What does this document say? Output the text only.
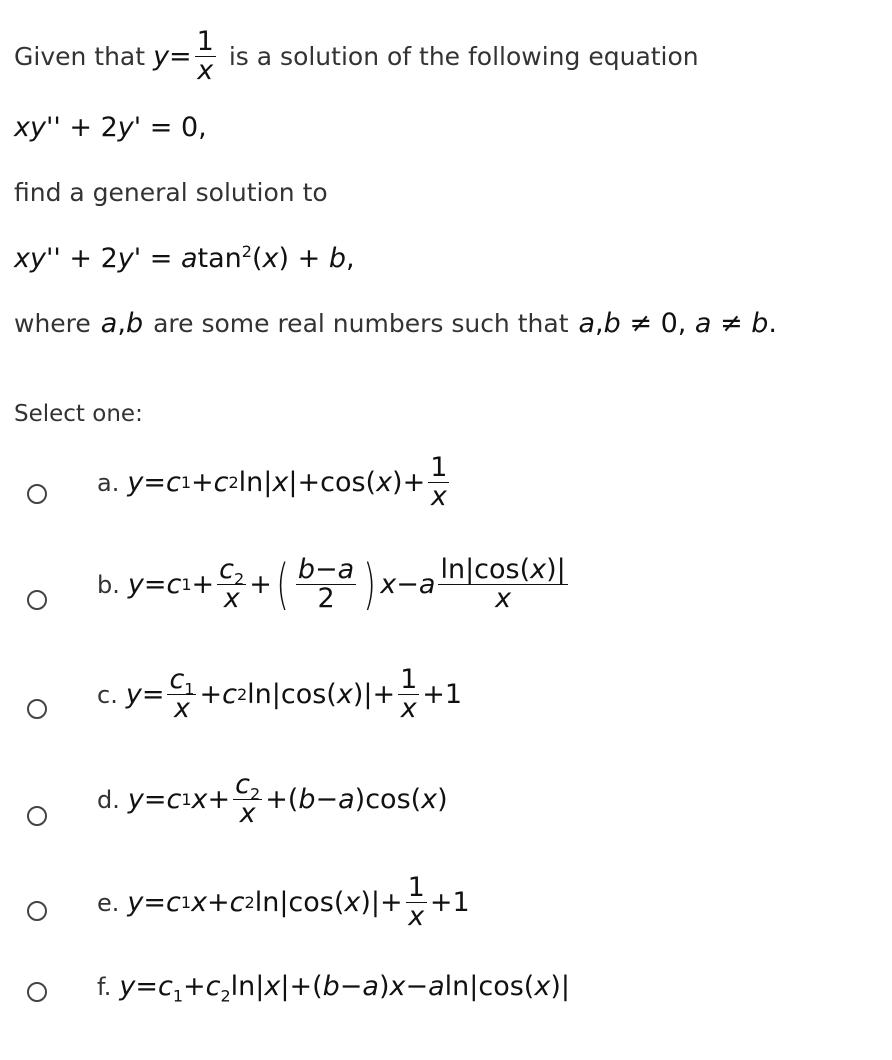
Given that $y = \frac{1}{x}$ is a solution of the following equation
xy'' + 2y' = 0,
find a general solution to
xy'' + 2y' = atan$^2$(x) + b,
where a,b are some real numbers such that a,b ≠ 0, a ≠ b.
Select one:
a. y = c 1 + c 2 ln| x |+cos( x )+ $\frac{1}{x}$
b. y = c $1 + \frac{c_2}{x}$ + ( $\frac{b-a}{2}$ ) x − a $\frac{\ln|\cos(x)|}{x}$
c. $y = \frac{c_1}{x} + c$ 2 ln|cos( x )|+ $\frac{1}{x} +1$
d. y = c 1 $x + \frac{c_2}{x}$ +( b − a )cos( x )
e. y = c 1 x + c 2 ln|cos( x )|+ $\frac{1}{x} +1$
f. $y=c_1+c_2\ln|x|+(b-a)x-aln|\cos(x)|$
